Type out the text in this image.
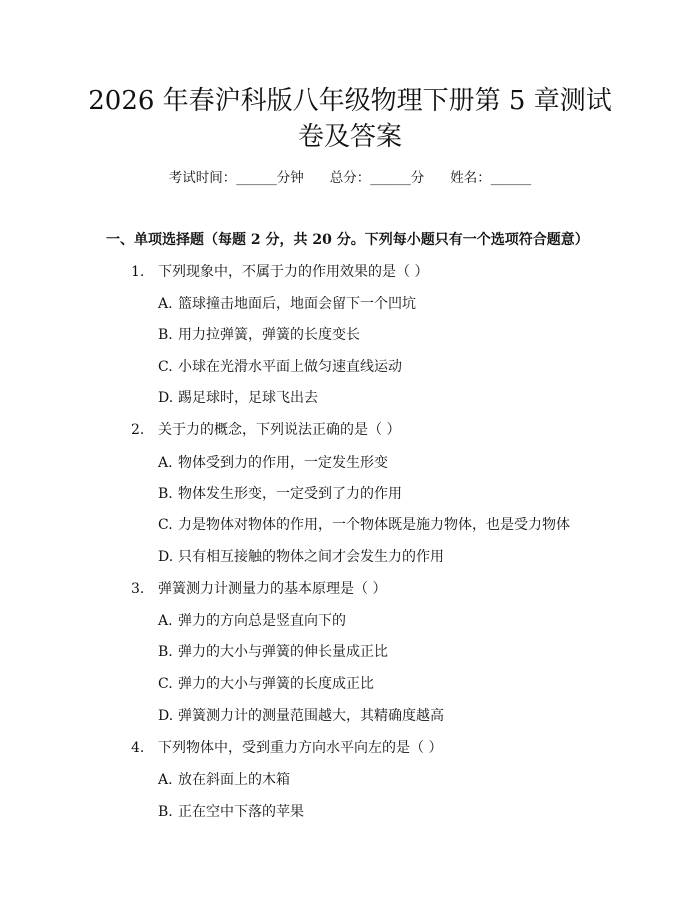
2026 年春沪科版八年级物理下册第 5 章测试
卷及答案
考试时间：______分钟 总分：______分 姓名：______
一、单项选择题（每题 2 分，共 20 分。下列每小题只有一个选项符合题意）
1. 下列现象中，不属于力的作用效果的是（ ）
A. 篮球撞击地面后，地面会留下一个凹坑
B. 用力拉弹簧，弹簧的长度变长
C. 小球在光滑水平面上做匀速直线运动
D. 踢足球时，足球飞出去
2. 关于力的概念，下列说法正确的是（ ）
A. 物体受到力的作用，一定发生形变
B. 物体发生形变，一定受到了力的作用
C. 力是物体对物体的作用，一个物体既是施力物体，也是受力物体
D. 只有相互接触的物体之间才会发生力的作用
3. 弹簧测力计测量力的基本原理是（ ）
A. 弹力的方向总是竖直向下的
B. 弹力的大小与弹簧的伸长量成正比
C. 弹力的大小与弹簧的长度成正比
D. 弹簧测力计的测量范围越大，其精确度越高
4. 下列物体中，受到重力方向水平向左的是（ ）
A. 放在斜面上的木箱
B. 正在空中下落的苹果
